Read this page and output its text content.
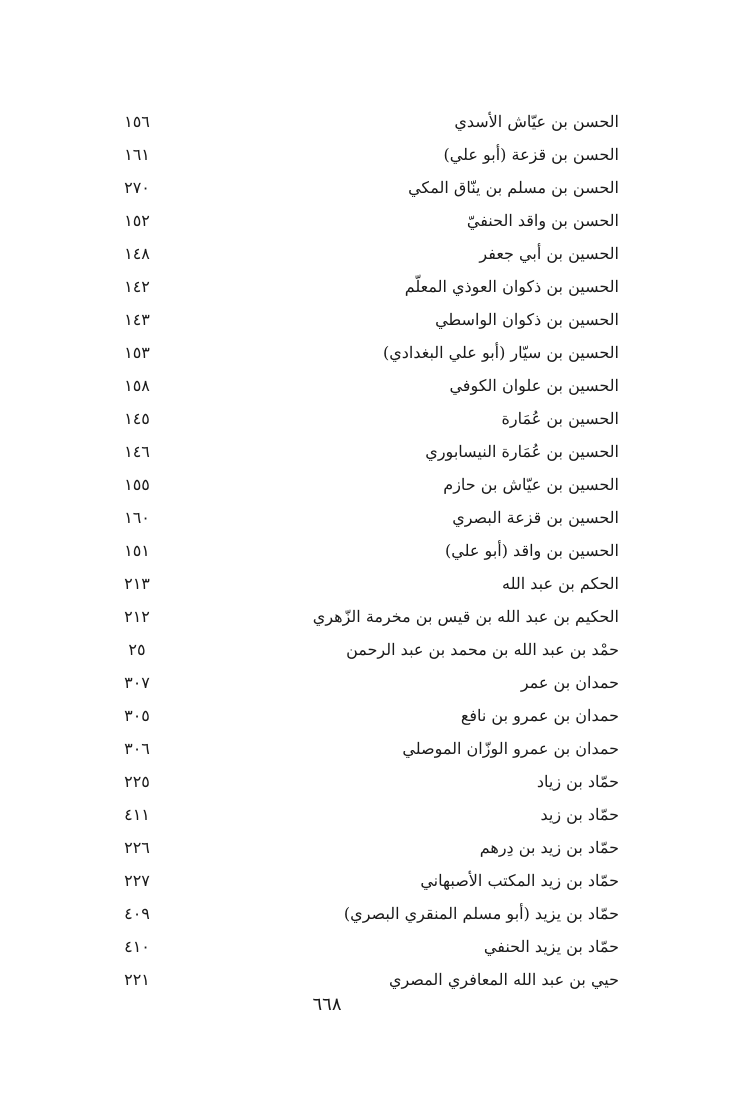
الحسن بن عيّاش الأسدي
١٥٦
الحسن بن قزعة (أبو علي)
١٦١
الحسن بن مسلم بن ينّاق المكي
٢٧٠
الحسن بن واقد الحنفيّ
١٥٢
الحسين بن أبي جعفر
١٤٨
الحسين بن ذكوان العوذي المعلّم
١٤٢
الحسين بن ذكوان الواسطي
١٤٣
الحسين بن سيّار (أبو علي البغدادي)
١٥٣
الحسين بن علوان الكوفي
١٥٨
الحسين بن عُمَارة
١٤٥
الحسين بن عُمَارة النيسابوري
١٤٦
الحسين بن عيّاش بن حازم
١٥٥
الحسين بن قزعة البصري
١٦٠
الحسين بن واقد (أبو علي)
١٥١
الحكم بن عبد الله
٢١٣
الحكيم بن عبد الله بن قيس بن مخرمة الزّهري
٢١٢
حمْد بن عبد الله بن محمد بن عبد الرحمن
٢٥
حمدان بن عمر
٣٠٧
حمدان بن عمرو بن نافع
٣٠٥
حمدان بن عمرو الوزّان الموصلي
٣٠٦
حمّاد بن زياد
٢٢٥
حمّاد بن زيد
٤١١
حمّاد بن زيد بن دِرهم
٢٢٦
حمّاد بن زيد المكتب الأصبهاني
٢٢٧
حمّاد بن يزيد (أبو مسلم المنقري البصري)
٤٠٩
حمّاد بن يزيد الحنفي
٤١٠
حيي بن عبد الله المعافري المصري
٢٢١
٦٦٨
